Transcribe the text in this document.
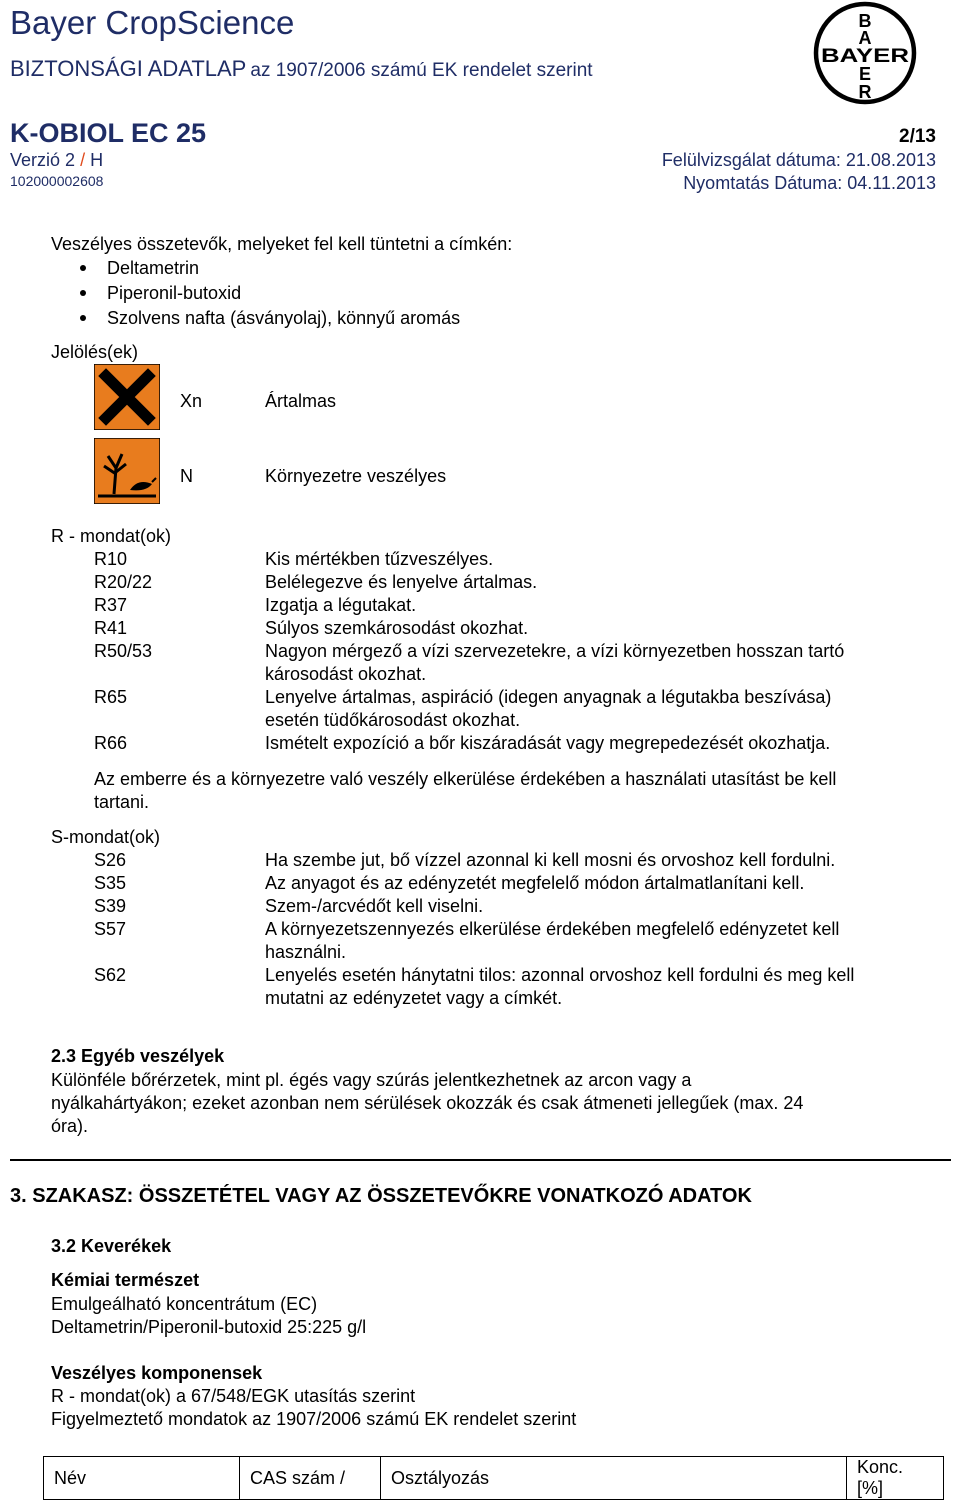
Bayer CropScience
BIZTONSÁGI ADATLAP az 1907/2006 számú EK rendelet szerint
B
A
BAYER
E
R
K-OBIOL EC 25	2/13
Verzió 2 / H	Felülvizsgálat dátuma: 21.08.2013
102000002608	Nyomtatás Dátuma: 04.11.2013
Veszélyes összetevők, melyeket fel kell tüntetni a címkén:
Deltametrin
Piperonil-butoxid
Szolvens nafta (ásványolaj), könnyű aromás
Jelölés(ek)
Xn	Ártalmas
N	Környezetre veszélyes
R - mondat(ok)
R10	Kis mértékben tűzveszélyes.
R20/22	Belélegezve és lenyelve ártalmas.
R37	Izgatja a légutakat.
R41	Súlyos szemkárosodást okozhat.
R50/53	Nagyon mérgező a vízi szervezetekre, a vízi környezetben hosszan tartó
károsodást okozhat.
R65	Lenyelve ártalmas, aspiráció (idegen anyagnak a légutakba beszívása)
esetén tüdőkárosodást okozhat.
R66	Ismételt expozíció a bőr kiszáradását vagy megrepedezését okozhatja.
Az emberre és a környezetre való veszély elkerülése érdekében a használati utasítást be kell
tartani.
S-mondat(ok)
S26	Ha szembe jut, bő vízzel azonnal ki kell mosni és orvoshoz kell fordulni.
S35	Az anyagot és az edényzetét megfelelő módon ártalmatlanítani kell.
S39	Szem-/arcvédőt kell viselni.
S57	A környezetszennyezés elkerülése érdekében megfelelő edényzetet kell
használni.
S62	Lenyelés esetén hánytatni tilos: azonnal orvoshoz kell fordulni és meg kell
mutatni az edényzetet vagy a címkét.
2.3 Egyéb veszélyek
Különféle bőrérzetek, mint pl. égés vagy szúrás jelentkezhetnek az arcon vagy a
nyálkahártyákon; ezeket azonban nem sérülések okozzák és csak átmeneti jellegűek (max. 24
óra).
3. SZAKASZ: ÖSSZETÉTEL VAGY AZ ÖSSZETEVŐKRE VONATKOZÓ ADATOK
3.2 Keverékek
Kémiai természet
Emulgeálható koncentrátum (EC)
Deltametrin/Piperonil-butoxid 25:225 g/l
Veszélyes komponensek
R - mondat(ok) a 67/548/EGK utasítás szerint
Figyelmeztető mondatok az 1907/2006 számú EK rendelet szerint
Név	CAS szám /	Osztályozás	Konc. [%]
